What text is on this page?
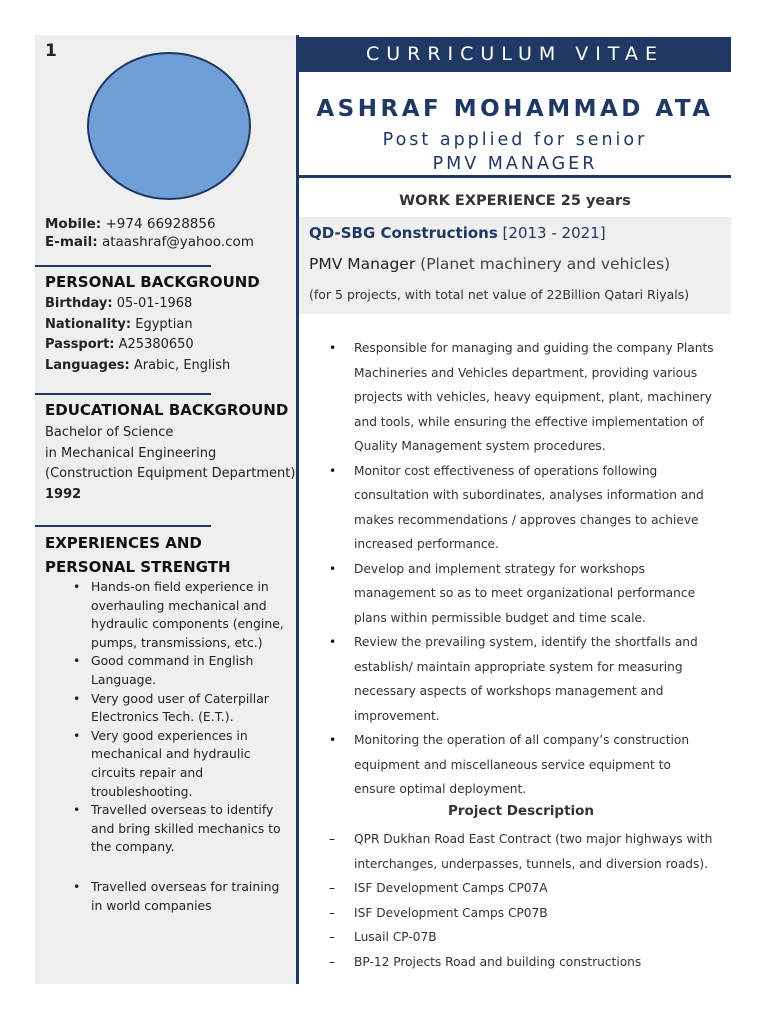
1
Mobile: +974 66928856
E-mail: ataashraf@yahoo.com
PERSONAL BACKGROUND
Birthday: 05-01-1968
Nationality: Egyptian
Passport: A25380650
Languages: Arabic, English
EDUCATIONAL BACKGROUND
Bachelor of Science
in Mechanical Engineering
(Construction Equipment Department)
1992
EXPERIENCES AND
PERSONAL STRENGTH
• Hands-on field experience in overhauling mechanical and hydraulic components (engine, pumps, transmissions, etc.)
• Good command in English Language.
• Very good user of Caterpillar Electronics Tech. (E.T.).
• Very good experiences in mechanical and hydraulic circuits repair and troubleshooting.
• Travelled overseas to identify and bring skilled mechanics to the company.
• Travelled overseas for training in world companies
CURRICULUM VITAE
ASHRAF MOHAMMAD ATA
Post applied for senior
PMV MANAGER
WORK EXPERIENCE 25 years
QD-SBG Constructions [2013 - 2021]
PMV Manager (Planet machinery and vehicles)
(for 5 projects, with total net value of 22Billion Qatari Riyals)
• Responsible for managing and guiding the company Plants Machineries and Vehicles department, providing various projects with vehicles, heavy equipment, plant, machinery and tools, while ensuring the effective implementation of Quality Management system procedures.
• Monitor cost effectiveness of operations following consultation with subordinates, analyses information and makes recommendations / approves changes to achieve increased performance.
• Develop and implement strategy for workshops management so as to meet organizational performance plans within permissible budget and time scale.
• Review the prevailing system, identify the shortfalls and establish/ maintain appropriate system for measuring necessary aspects of workshops management and improvement.
• Monitoring the operation of all company’s construction equipment and miscellaneous service equipment to ensure optimal deployment.
Project Description
– QPR Dukhan Road East Contract (two major highways with interchanges, underpasses, tunnels, and diversion roads).
– ISF Development Camps CP07A
– ISF Development Camps CP07B
– Lusail CP-07B
– BP-12 Projects Road and building constructions
